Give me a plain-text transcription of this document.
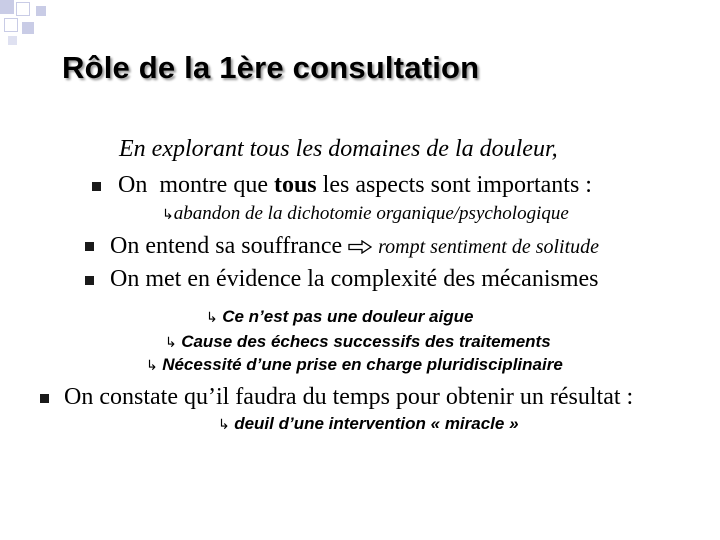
Rôle de la 1ère consultation
En explorant tous les domaines de la douleur,
On  montre que tous les aspects sont importants :
↳abandon de la dichotomie organique/psychologique
On entend sa souffrance rompt sentiment de solitude
On met en évidence la complexité des mécanismes
↳ Ce n’est pas une douleur aigue
↳ Cause des échecs successifs des traitements
↳ Nécessité d’une prise en charge pluridisciplinaire
On constate qu’il faudra du temps pour obtenir un résultat :
↳ deuil d’une intervention « miracle »
